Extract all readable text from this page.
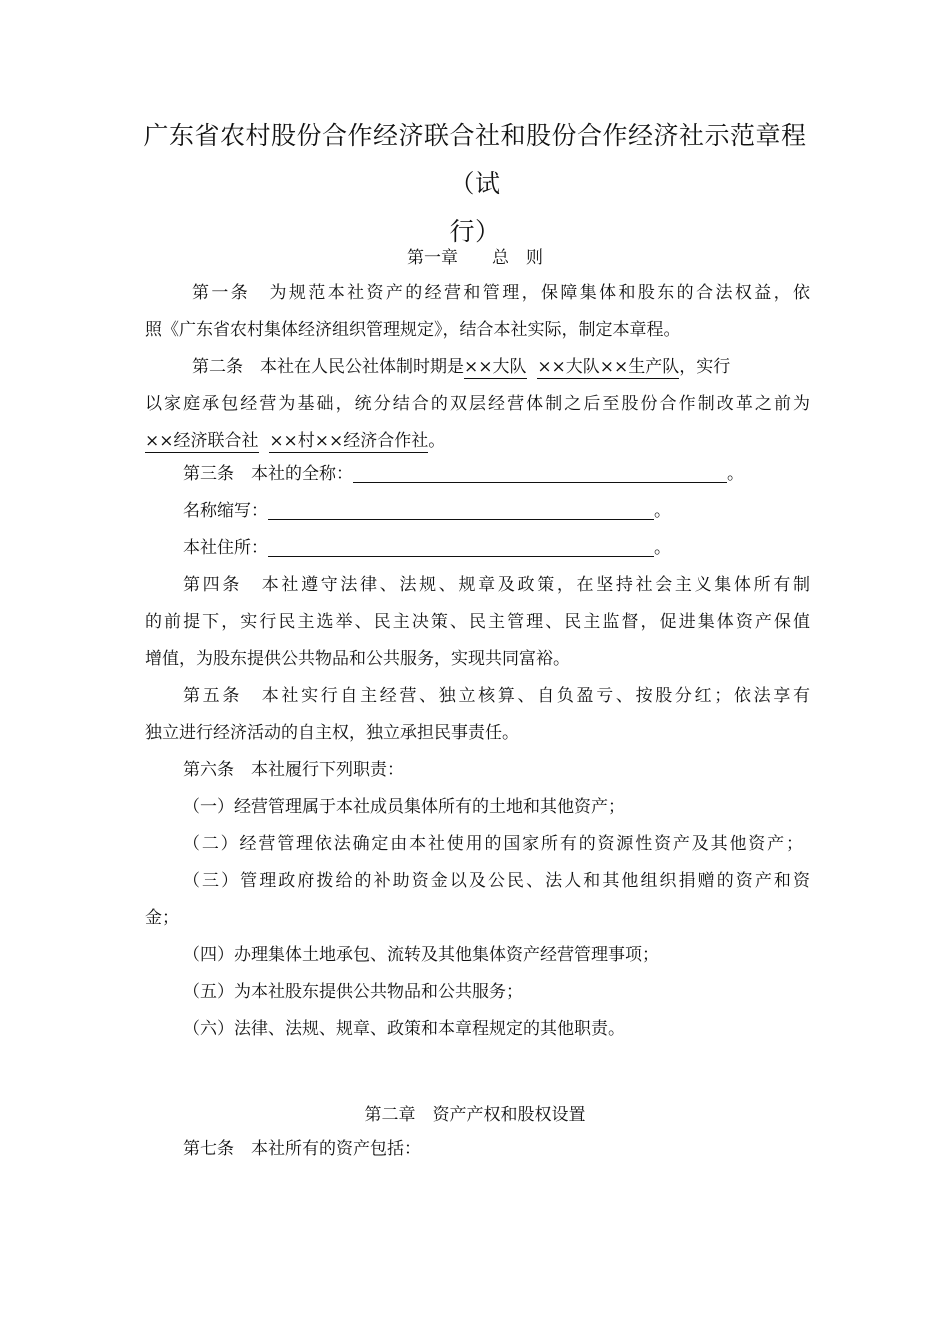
广东省农村股份合作经济联合社和股份合作经济社示范章程（试
行）
第一章　　总　则
第一条　为规范本社资产的经营和管理，保障集体和股东的合法权益，依
照《广东省农村集体经济组织管理规定》，结合本社实际，制定本章程。
第二条　本社在人民公社体制时期是××大队 ××大队××生产队，实行
以家庭承包经营为基础，统分结合的双层经营体制之后至股份合作制改革之前为
××经济联合社 ××村××经济合作社。
第三条　本社的全称：	。
名称缩写：	。
本社住所：	。
第四条　本社遵守法律、法规、规章及政策，在坚持社会主义集体所有制
的前提下，实行民主选举、民主决策、民主管理、民主监督，促进集体资产保值
增值，为股东提供公共物品和公共服务，实现共同富裕。
第五条　本社实行自主经营、独立核算、自负盈亏、按股分红；依法享有
独立进行经济活动的自主权，独立承担民事责任。
第六条　本社履行下列职责：
（一）经营管理属于本社成员集体所有的土地和其他资产；
（二）经营管理依法确定由本社使用的国家所有的资源性资产及其他资产；
（三）管理政府拨给的补助资金以及公民、法人和其他组织捐赠的资产和资
金；
（四）办理集体土地承包、流转及其他集体资产经营管理事项；
（五）为本社股东提供公共物品和公共服务；
（六）法律、法规、规章、政策和本章程规定的其他职责。
第二章　资产产权和股权设置
第七条　本社所有的资产包括：
